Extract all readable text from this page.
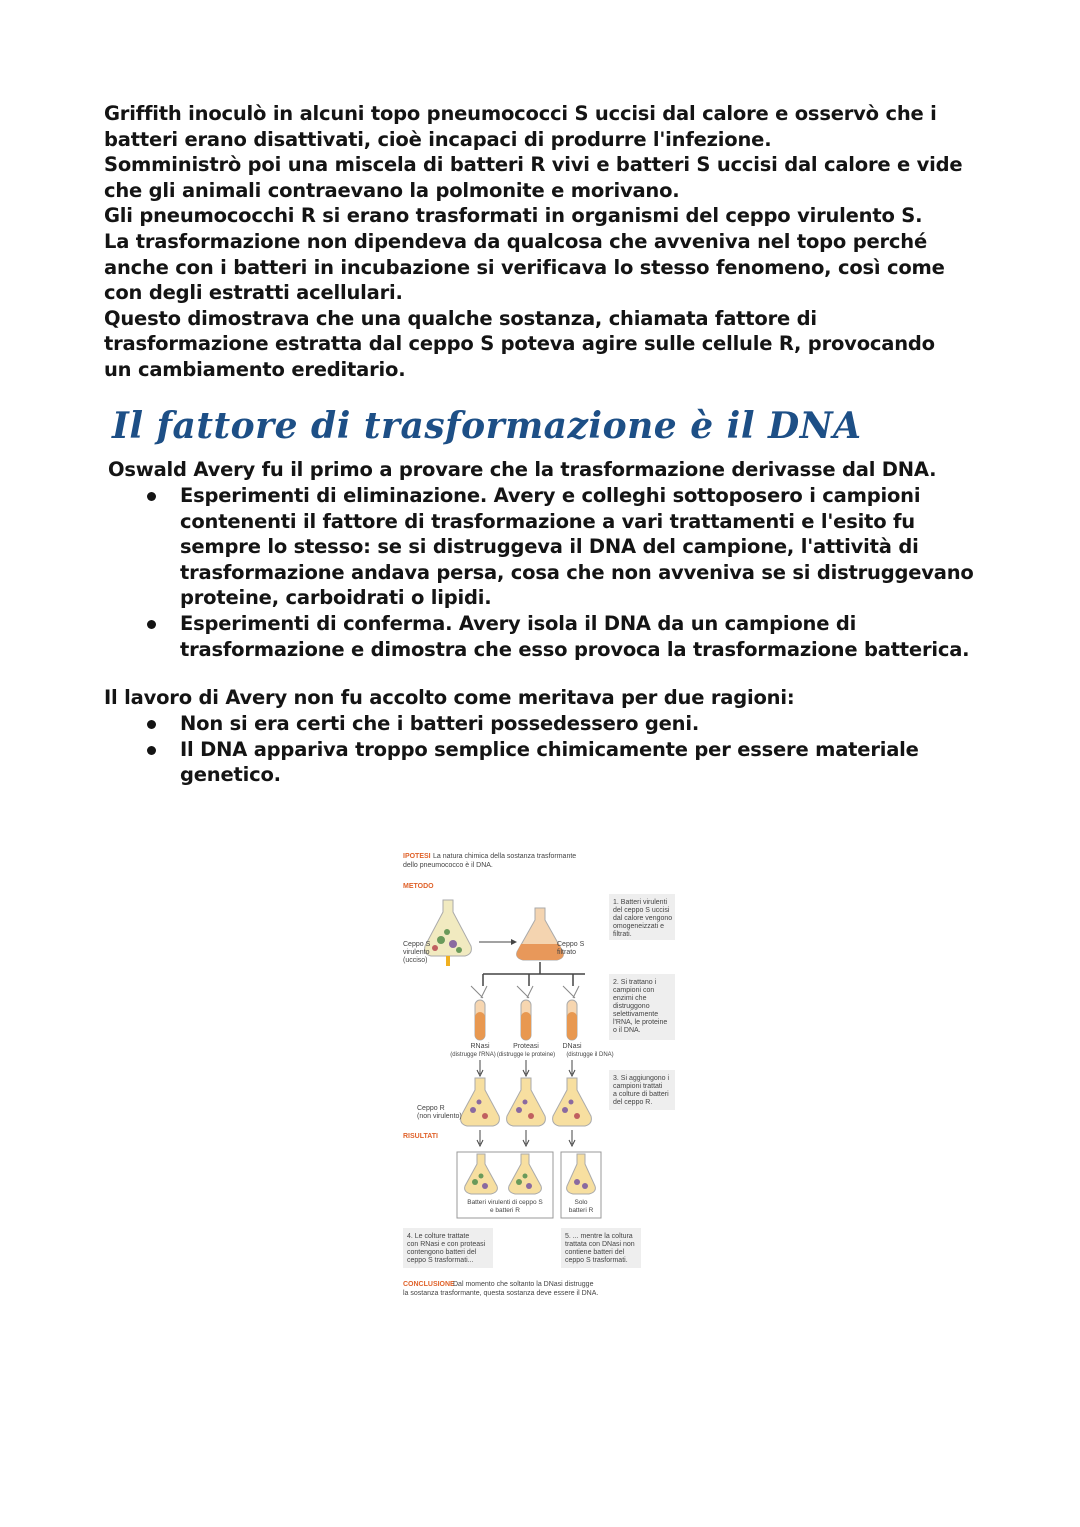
Griffith inoculò in alcuni topo pneumococci S uccisi dal calore e osservò che i
batteri erano disattivati, cioè incapaci di produrre l'infezione.
Somministrò poi una miscela di batteri R vivi e batteri S uccisi dal calore e vide
che gli animali contraevano la polmonite e morivano.
Gli pneumococchi R si erano trasformati in organismi del ceppo virulento S.
La trasformazione non dipendeva da qualcosa che avveniva nel topo perché
anche con i batteri in incubazione si verificava lo stesso fenomeno, così come
con degli estratti acellulari.
Questo dimostrava che una qualche sostanza, chiamata fattore di
trasformazione estratta dal ceppo S poteva agire sulle cellule R, provocando
un cambiamento ereditario.
Il fattore di trasformazione è il DNA
Oswald Avery fu il primo a provare che la trasformazione derivasse dal DNA.
Esperimenti di eliminazione. Avery e colleghi sottoposero i campioni contenenti il fattore di trasformazione a vari trattamenti e l'esito fu sempre lo stesso: se si distruggeva il DNA del campione, l'attività di trasformazione andava persa, cosa che non avveniva se si distruggevano proteine, carboidrati o lipidi.
Esperimenti di conferma. Avery isola il DNA da un campione di trasformazione e dimostra che esso provoca la trasformazione batterica.
Il lavoro di Avery non fu accolto come meritava per due ragioni:
Non si era certi che i batteri possedessero geni.
Il DNA appariva troppo semplice chimicamente per essere materiale genetico.
IPOTESI La natura chimica della sostanza trasformante
dello pneumococco è il DNA.
METODO
Ceppo S
virulento
(ucciso)
Ceppo S
filtrato
1. Batteri virulenti
del ceppo S uccisi
dal calore vengono
omogeneizzati e
filtrati.
2. Si trattano i
campioni con
enzimi che
distruggono
selettivamente
l'RNA, le proteine
o il DNA.
RNasi	Proteasi	DNasi
(distrugge l'RNA) (distrugge le proteine) (distrugge il DNA)
Ceppo R
(non virulento)
3. Si aggiungono i
campioni trattati
a colture di batteri
del ceppo R.
RISULTATI
Batteri virulenti di ceppo S
e batteri R
Solo
batteri R
4. Le colture trattate
con RNasi e con proteasi
contengono batteri del
ceppo S trasformati...
5. ... mentre la coltura
trattata con DNasi non
contiene batteri del
ceppo S trasformati.
CONCLUSIONE
Dal momento che soltanto la DNasi distrugge
la sostanza trasformante, questa sostanza deve essere il DNA.
